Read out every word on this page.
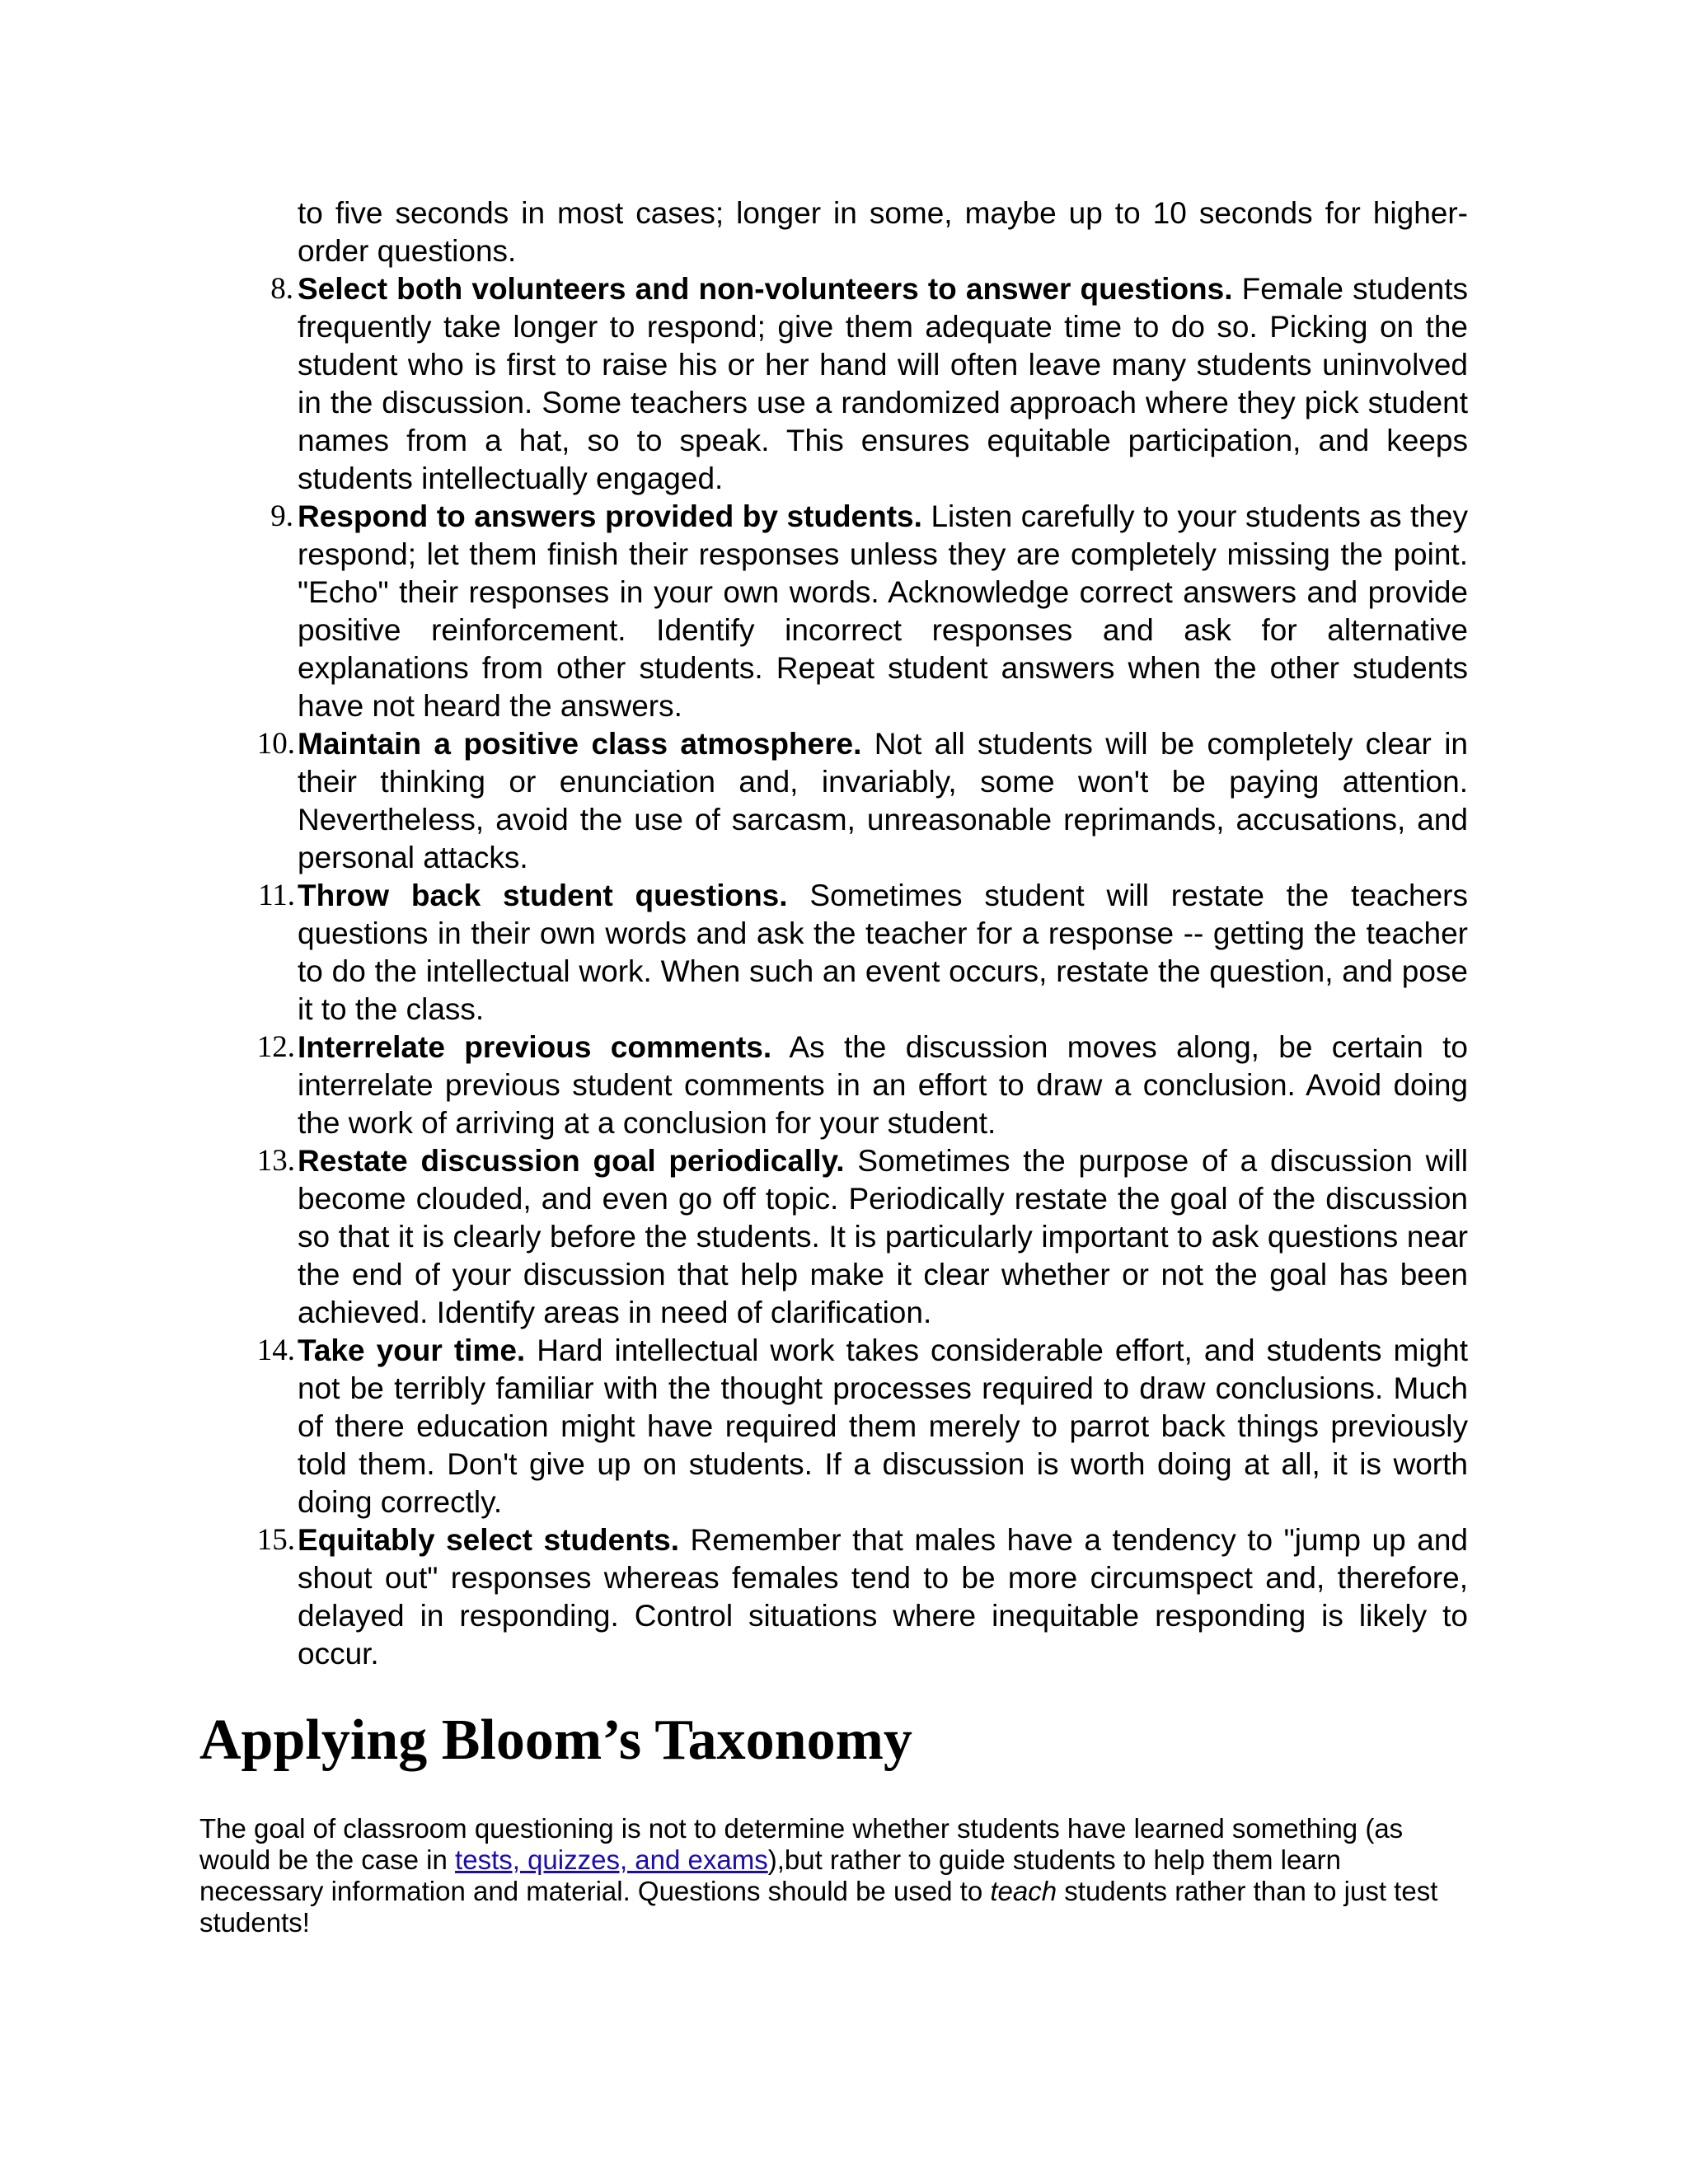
to five seconds in most cases; longer in some, maybe up to 10 seconds for higher-order questions.

8. Select both volunteers and non-volunteers to answer questions. Female students frequently take longer to respond; give them adequate time to do so. Picking on the student who is first to raise his or her hand will often leave many students uninvolved in the discussion. Some teachers use a randomized approach where they pick student names from a hat, so to speak. This ensures equitable participation, and keeps students intellectually engaged.
9. Respond to answers provided by students. Listen carefully to your students as they respond; let them finish their responses unless they are completely missing the point. "Echo" their responses in your own words. Acknowledge correct answers and provide positive reinforcement. Identify incorrect responses and ask for alternative explanations from other students. Repeat student answers when the other students have not heard the answers.
10. Maintain a positive class atmosphere. Not all students will be completely clear in their thinking or enunciation and, invariably, some won't be paying attention. Nevertheless, avoid the use of sarcasm, unreasonable reprimands, accusations, and personal attacks.
11. Throw back student questions. Sometimes student will restate the teachers questions in their own words and ask the teacher for a response -- getting the teacher to do the intellectual work. When such an event occurs, restate the question, and pose it to the class.
12. Interrelate previous comments. As the discussion moves along, be certain to interrelate previous student comments in an effort to draw a conclusion. Avoid doing the work of arriving at a conclusion for your student.
13. Restate discussion goal periodically. Sometimes the purpose of a discussion will become clouded, and even go off topic. Periodically restate the goal of the discussion so that it is clearly before the students. It is particularly important to ask questions near the end of your discussion that help make it clear whether or not the goal has been achieved. Identify areas in need of clarification.
14. Take your time. Hard intellectual work takes considerable effort, and students might not be terribly familiar with the thought processes required to draw conclusions. Much of there education might have required them merely to parrot back things previously told them. Don't give up on students. If a discussion is worth doing at all, it is worth doing correctly.
15. Equitably select students. Remember that males have a tendency to "jump up and shout out" responses whereas females tend to be more circumspect and, therefore, delayed in responding. Control situations where inequitable responding is likely to occur.
Applying Bloom’s Taxonomy

The goal of classroom questioning is not to determine whether students have learned something (as would be the case in tests, quizzes, and exams),but rather to guide students to help them learn necessary information and material. Questions should be used to teach students rather than to just test students!
